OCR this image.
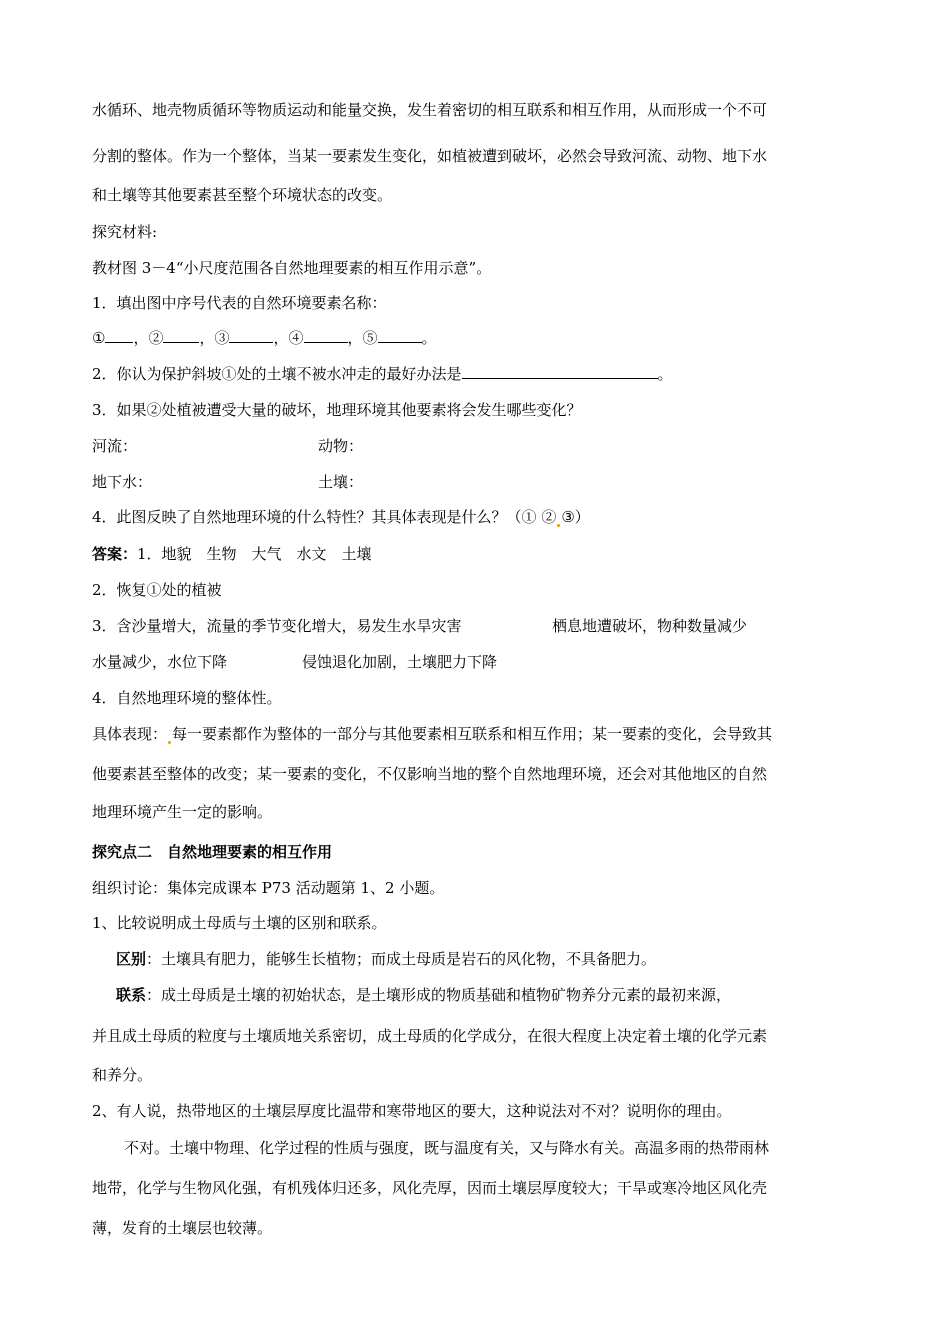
水循环、地壳物质循环等物质运动和能量交换，发生着密切的相互联系和相互作用，从而形成一个不可
分割的整体。作为一个整体，当某一要素发生变化，如植被遭到破坏，必然会导致河流、动物、地下水
和土壤等其他要素甚至整个环境状态的改变。
探究材料:
教材图 3－4“小尺度范围各自然地理要素的相互作用示意”。
1．填出图中序号代表的自然环境要素名称：
① ，② ，③	，④	，⑤	。
2．你认为保护斜坡①处的土壤不被水冲走的最好办法是	。
3．如果②处植被遭受大量的破坏，地理环境其他要素将会发生哪些变化？
河流：	动物：
地下水：	土壤：
4．此图反映了自然地理环境的什么特性？其具体表现是什么？（① ② ③）
答案：1．地貌　生物　大气　水文　土壤
2．恢复①处的植被
3．含沙量增大，流量的季节变化增大，易发生水旱灾害	栖息地遭破坏，物种数量减少
水量减少，水位下降	侵蚀退化加剧，土壤肥力下降
4．自然地理环境的整体性。
具体表现： 每一要素都作为整体的一部分与其他要素相互联系和相互作用；某一要素的变化，会导致其
他要素甚至整体的改变；某一要素的变化，不仅影响当地的整个自然地理环境，还会对其他地区的自然
地理环境产生一定的影响。
探究点二　自然地理要素的相互作用
组织讨论：集体完成课本 P73 活动题第 1、2 小题。
1、比较说明成土母质与土壤的区别和联系。
区别：土壤具有肥力，能够生长植物；而成土母质是岩石的风化物，不具备肥力。
联系：成土母质是土壤的初始状态，是土壤形成的物质基础和植物矿物养分元素的最初来源，
并且成土母质的粒度与土壤质地关系密切，成土母质的化学成分，在很大程度上决定着土壤的化学元素
和养分。
2、有人说，热带地区的土壤层厚度比温带和寒带地区的要大，这种说法对不对？说明你的理由。
不对。土壤中物理、化学过程的性质与强度，既与温度有关，又与降水有关。高温多雨的热带雨林
地带，化学与生物风化强，有机残体归还多，风化壳厚，因而土壤层厚度较大；干旱或寒冷地区风化壳
薄，发育的土壤层也较薄。
